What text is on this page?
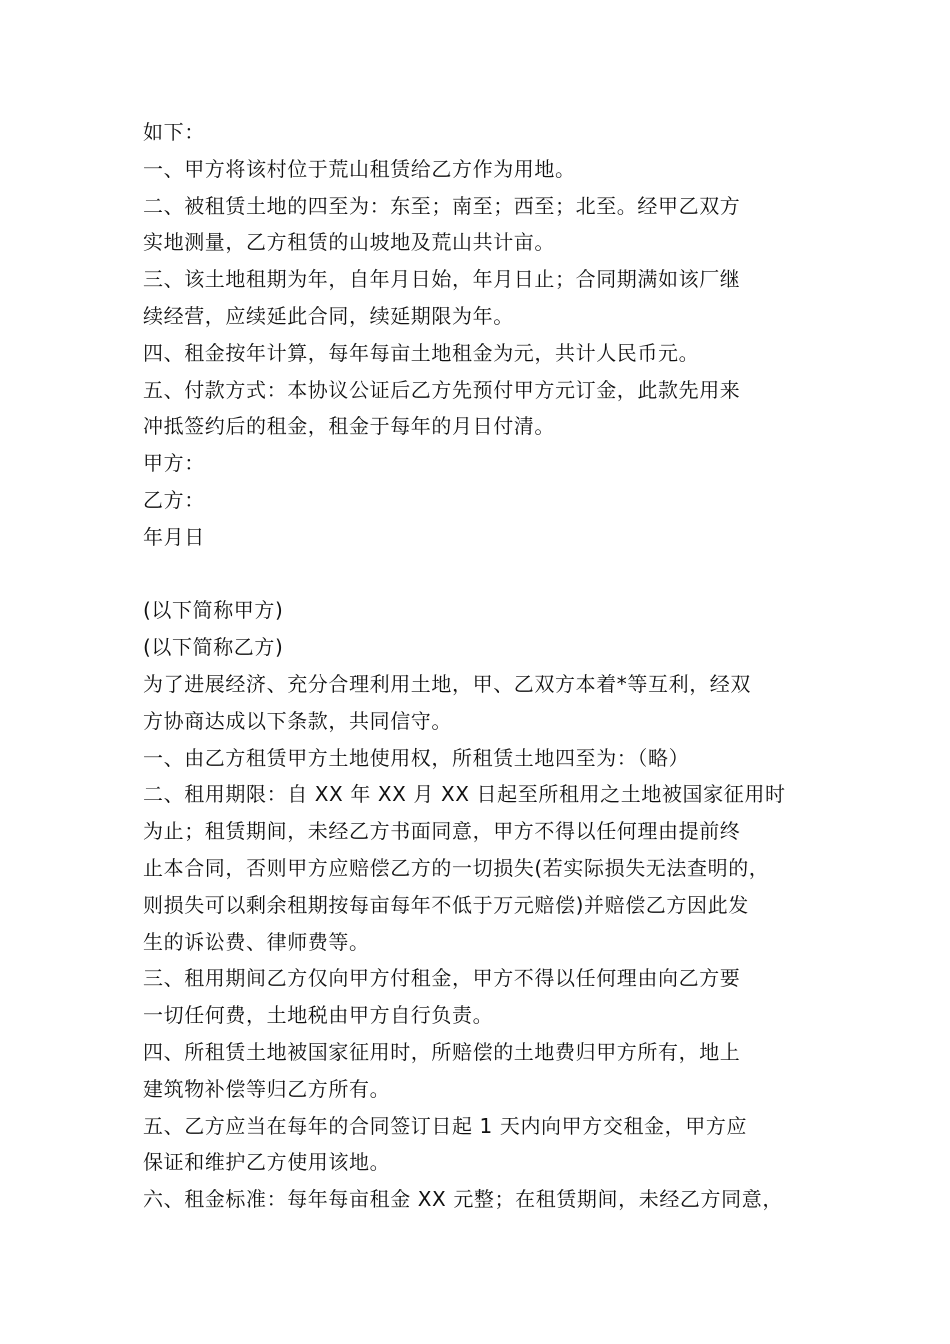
如下：
一、甲方将该村位于荒山租赁给乙方作为用地。
二、被租赁土地的四至为：东至；南至；西至；北至。经甲乙双方
实地测量，乙方租赁的山坡地及荒山共计亩。
三、该土地租期为年，自年月日始，年月日止；合同期满如该厂继
续经营，应续延此合同，续延期限为年。
四、租金按年计算，每年每亩土地租金为元，共计人民币元。
五、付款方式：本协议公证后乙方先预付甲方元订金，此款先用来
冲抵签约后的租金，租金于每年的月日付清。
甲方：
乙方：
年月日
(以下简称甲方)
(以下简称乙方)
为了进展经济、充分合理利用土地，甲、乙双方本着*等互利，经双
方协商达成以下条款，共同信守。
一、由乙方租赁甲方土地使用权，所租赁土地四至为：（略）
二、租用期限：自 XX 年 XX 月 XX 日起至所租用之土地被国家征用时
为止；租赁期间，未经乙方书面同意，甲方不得以任何理由提前终
止本合同，否则甲方应赔偿乙方的一切损失(若实际损失无法查明的，
则损失可以剩余租期按每亩每年不低于万元赔偿)并赔偿乙方因此发
生的诉讼费、律师费等。
三、租用期间乙方仅向甲方付租金，甲方不得以任何理由向乙方要
一切任何费，土地税由甲方自行负责。
四、所租赁土地被国家征用时，所赔偿的土地费归甲方所有，地上
建筑物补偿等归乙方所有。
五、乙方应当在每年的合同签订日起 1 天内向甲方交租金，甲方应
保证和维护乙方使用该地。
六、租金标准：每年每亩租金 XX 元整；在租赁期间，未经乙方同意，
